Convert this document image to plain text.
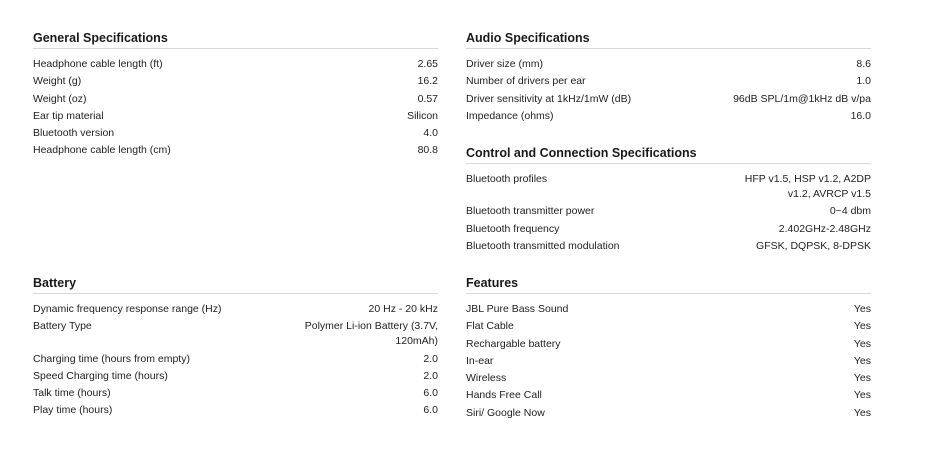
General Specifications
Headphone cable length (ft)	2.65
Weight (g)	16.2
Weight (oz)	0.57
Ear tip material	Silicon
Bluetooth version	4.0
Headphone cable length (cm)	80.8
Audio Specifications
Driver size (mm)	8.6
Number of drivers per ear	1.0
Driver sensitivity at 1kHz/1mW (dB)	96dB SPL/1m@1kHz dB v/pa
Impedance (ohms)	16.0
Control and Connection Specifications
Bluetooth profiles	HFP v1.5, HSP v1.2, A2DP v1.2, AVRCP v1.5
Bluetooth transmitter power	0~4 dbm
Bluetooth frequency	2.402GHz-2.48GHz
Bluetooth transmitted modulation	GFSK, DQPSK, 8-DPSK
Battery
Dynamic frequency response range (Hz)	20 Hz - 20 kHz
Battery Type	Polymer Li-ion Battery (3.7V, 120mAh)
Charging time (hours from empty)	2.0
Speed Charging time (hours)	2.0
Talk time (hours)	6.0
Play time (hours)	6.0
Features
JBL Pure Bass Sound	Yes
Flat Cable	Yes
Rechargable battery	Yes
In-ear	Yes
Wireless	Yes
Hands Free Call	Yes
Siri/ Google Now	Yes
